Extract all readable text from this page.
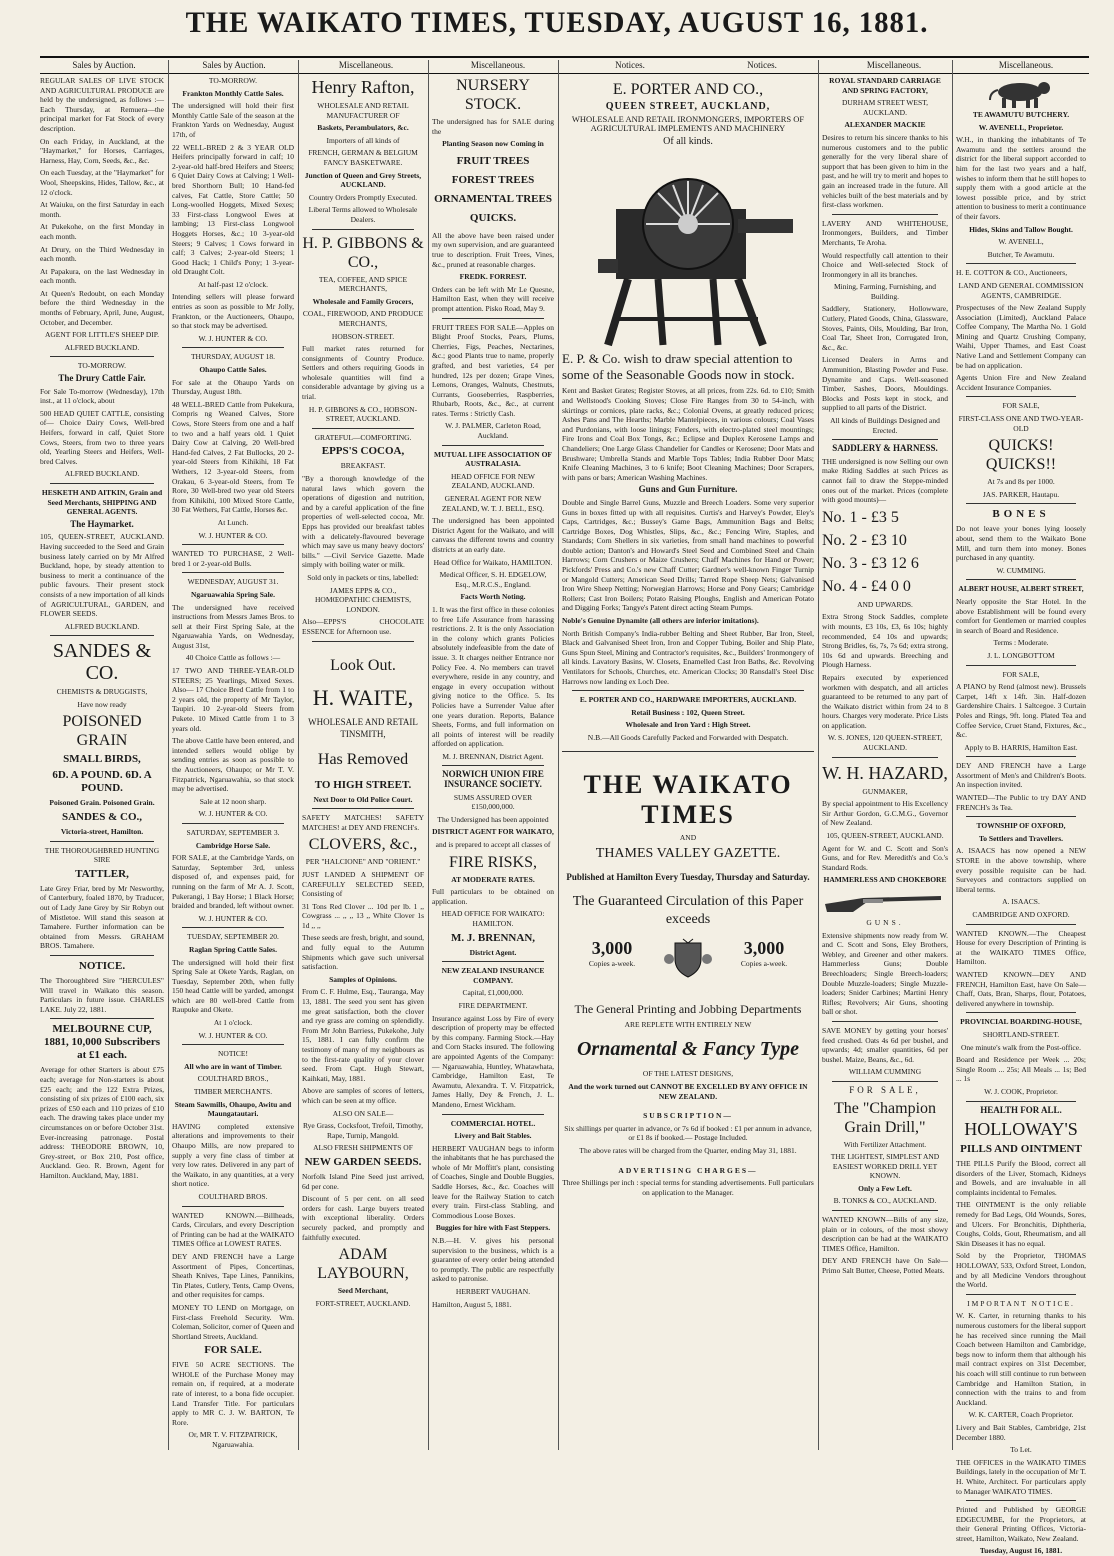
THE WAIKATO TIMES, TUESDAY, AUGUST 16, 1881.
Sales by Auction.	Sales by Auction.	Miscellaneous.	Miscellaneous.	Notices.	Notices.	Miscellaneous.	Miscellaneous.

REGULAR SALES OF LIVE STOCK AND AGRICULTURAL PRODUCE are held by the undersigned, as follows :— Each Thursday, at Remuera—the principal market for Fat Stock of every description.

On each Friday, in Auckland, at the "Haymarket," for Horses, Carriages, Harness, Hay, Corn, Seeds, &c., &c.

On each Tuesday, at the "Haymarket" for Wool, Sheepskins, Hides, Tallow, &c., at 12 o'clock.

At Waiuku, on the first Saturday in each month.

At Pukekohe, on the first Monday in each month.

At Drury, on the Third Wednesday in each month.

At Papakura, on the last Wednesday in each month.

At Queen's Redoubt, on each Monday before the third Wednesday in the months of February, April, June, August, October, and December.

AGENT FOR LITTLE'S SHEEP DIP.

ALFRED BUCKLAND.

TO-MORROW.

The Drury Cattle Fair.

For Sale To-morrow (Wednesday), 17th inst., at 11 o'clock, about

500 HEAD QUIET CATTLE, consisting of— Choice Dairy Cows, Well-bred Heifers, forward in calf, Quiet Store Cows, Steers, from two to three years old, Yearling Steers and Heifers, Well-bred Calves.

ALFRED BUCKLAND.

HESKETH AND AITKIN, Grain and Seed Merchants, SHIPPING AND GENERAL AGENTS.

The Haymarket.

105, QUEEN-STREET, AUCKLAND. Having succeeded to the Seed and Grain business lately carried on by Mr Alfred Buckland, hope, by steady attention to business to merit a continuance of the public favours. Their present stock consists of a new importation of all kinds of AGRICULTURAL, GARDEN, and FLOWER SEEDS.

ALFRED BUCKLAND.

SANDES & CO.

CHEMISTS & DRUGGISTS,

Have now ready

POISONED GRAIN

SMALL BIRDS,

6D. A POUND. 6D. A POUND.

Poisoned Grain. Poisoned Grain.

SANDES & CO.,

Victoria-street, Hamilton.

THE THOROUGHBRED HUNTING SIRE

TATTLER,

Late Grey Friar, bred by Mr Nesworthy, of Canterbury, foaled 1870, by Traducer, out of Lady Jane Grey by Sir Robyn out of Mistletoe. Will stand this season at Tamahere. Further information can be obtained from Messrs. GRAHAM BROS. Tamahere.

NOTICE.

The Thoroughbred Sire "HERCULES" Will travel in Waikato this season. Particulars in future issue. CHARLES LAKE. July 22, 1881.

MELBOURNE CUP, 1881, 10,000 Subscribers at £1 each.

Average for other Starters is about £75 each; average for Non-starters is about £25 each; and the 122 Extra Prizes, consisting of six prizes of £100 each, six prizes of £50 each and 110 prizes of £10 each. The drawing takes place under my circumstances on or before October 31st. Ever-increasing patronage. Postal address: THEODORE BROWN, 10, Grey-street, or Box 210, Post office, Auckland. Geo. R. Brown, Agent for Hamilton. Auckland, May, 1881.

TO-MORROW.

Frankton Monthly Cattle Sales.

The undersigned will hold their first Monthly Cattle Sale of the season at the Frankton Yards on Wednesday, August 17th, of

22 WELL-BRED 2 & 3 YEAR OLD Heifers principally forward in calf; 10 2-year-old half-bred Heifers and Steers; 6 Quiet Dairy Cows at Calving; 1 Well-bred Shorthorn Bull; 10 Hand-fed calves, Fat Cattle, Store Cattle; 50 Long-woolled Hoggets, Mixed Sexes; 33 First-class Longwool Ewes at lambing; 13 First-class Longwool Hoggets Horses, &c.; 10 3-year-old Steers; 9 Calves; 1 Cows forward in calf; 3 Calves; 2-year-old Steers; 1 Good Hack; 1 Child's Pony; 1 3-year-old Draught Colt.

At half-past 12 o'clock.

Intending sellers will please forward entries as soon as possible to Mr Jolly, Frankton, or the Auctioneers, Ohaupo, so that stock may be advertised.

W. J. HUNTER & CO.

THURSDAY, AUGUST 18.

Ohaupo Cattle Sales.

For sale at the Ohaupo Yards on Thursday, August 18th.

48 WELL-BRED Cattle from Pukekura, Compris ng Weaned Calves, Store Cows, Store Steers from one and a half to two and a half years old. 1 Quiet Dairy Cow at Calving, 20 Well-bred Hand-fed Calves, 2 Fat Bullocks, 20 2-year-old Steers from Kihikihi, 18 Fat Wethers, 12 3-year-old Steers, from Orakau, 6 3-year-old Steers, from Te Rore, 30 Well-bred two year old Steers from Kihikihi, 100 Mixed Store Cattle, 30 Fat Wethers, Fat Cattle, Horses &c.

At Lunch.

W. J. HUNTER & CO.

WANTED TO PURCHASE, 2 Well-bred 1 or 2-year-old Bulls.

WEDNESDAY, AUGUST 31.

Ngaruawahia Spring Sale.

The undersigned have received instructions from Messrs James Bros. to sell at their First Spring Sale, at the Ngaruawahia Yards, on Wednesday, August 31st,

40 Choice Cattle as follows :—

17 TWO AND THREE-YEAR-OLD STEERS; 25 Yearlings, Mixed Sexes. Also— 17 Choice Bred Cattle from 1 to 2 years old, the property of Mr Taylor, Taupiri. 10 2-year-old Steers from Pukete. 10 Mixed Cattle from 1 to 3 years old.

The above Cattle have been entered, and intended sellers would oblige by sending entries as soon as possible to the Auctioneers, Ohaupo; or Mr T. V. Fitzpatrick, Ngaruawahia, so that stock may be advertised.

Sale at 12 noon sharp.

W. J. HUNTER & CO.

SATURDAY, SEPTEMBER 3.

Cambridge Horse Sale.

FOR SALE, at the Cambridge Yards, on Saturday, September 3rd, unless disposed of, and expenses paid, for running on the farm of Mr A. J. Scott, Pukerangi, 1 Bay Horse; 1 Black Horse; braided and branded, left without owner.

W. J. HUNTER & CO.

TUESDAY, SEPTEMBER 20.

Raglan Spring Cattle Sales.

The undersigned will hold their first Spring Sale at Okete Yards, Raglan, on Tuesday, September 20th, when fully 150 head Cattle will be yarded, amongst which are 80 well-bred Cattle from Raupuke and Okete.

At 1 o'clock.

W. J. HUNTER & CO.

NOTICE!

All who are in want of Timber.

COULTHARD BROS.,

TIMBER MERCHANTS.

Steam Sawmills, Ohaupo, Awitu and Maungatautari.

HAVING completed extensive alterations and improvements to their Ohaupo Mills, are now prepared to supply a very fine class of timber at very low rates. Delivered in any part of the Waikato, in any quantities, at a very short notice.

COULTHARD BROS.

WANTED KNOWN.—Billheads, Cards, Circulars, and every Description of Printing can be had at the WAIKATO TIMES Office at LOWEST RATES.

DEY AND FRENCH have a Large Assortment of Pipes, Concertinas, Sheath Knives, Tape Lines, Pannikins, Tin Plates, Cutlery, Tents, Camp Ovens, and other requisites for camps.

MONEY TO LEND on Mortgage, on First-class Freehold Security. Wm. Coleman, Solicitor, corner of Queen and Shortland Streets, Auckland.

FOR SALE.

FIVE 50 ACRE SECTIONS. The WHOLE of the Purchase Money may remain on, if required, at a moderate rate of interest, to a bona fide occupier. Land Transfer Title. For particulars apply to MR C. J. W. BARTON, Te Rore.

Or, MR T. V. FITZPATRICK, Ngaruawahia.

Henry Rafton,

WHOLESALE AND RETAIL MANUFACTURER OF

Baskets, Perambulators, &c.

Importers of all kinds of

FRENCH, GERMAN & BELGIUM FANCY BASKETWARE.

Junction of Queen and Grey Streets, AUCKLAND.

Country Orders Promptly Executed.

Liberal Terms allowed to Wholesale Dealers.

H. P. GIBBONS & CO.,

TEA, COFFEE, AND SPICE MERCHANTS,

Wholesale and Family Grocers,

COAL, FIREWOOD, AND PRODUCE MERCHANTS,

HOBSON-STREET.

Full market rates returned for consignments of Country Produce. Settlers and others requiring Goods in wholesale quantities will find a considerable advantage by giving us a trial.

H. P. GIBBONS & CO., HOBSON-STREET, AUCKLAND.

GRATEFUL—COMFORTING.

EPPS'S COCOA,

BREAKFAST.

"By a thorough knowledge of the natural laws which govern the operations of digestion and nutrition, and by a careful application of the fine properties of well-selected cocoa, Mr. Epps has provided our breakfast tables with a delicately-flavoured beverage which may save us many heavy doctors' bills." —Civil Service Gazette. Made simply with boiling water or milk.

Sold only in packets or tins, labelled:

JAMES EPPS & CO., HOMŒOPATHIC CHEMISTS, LONDON.

Also—EPPS'S CHOCOLATE ESSENCE for Afternoon use.

Look Out.

H. WAITE,

WHOLESALE AND RETAIL TINSMITH,

Has Removed

TO HIGH STREET.

Next Door to Old Police Court.

SAFETY MATCHES! SAFETY MATCHES! at DEY AND FRENCH's.

CLOVERS, &c.,

PER "HALCIONE" AND "ORIENT."

JUST LANDED A SHIPMENT OF CAREFULLY SELECTED SEED, Consisting of

31 Tons Red Clover ... 10d per lb. 1 ,, Cowgrass ... ,, ,, 13 ,, White Clover 1s 1d ,, ,,

These seeds are fresh, bright, and sound, and fully equal to the Autumn Shipments which gave such universal satisfaction.

Samples of Opinions.

From C. F. Hulme, Esq., Tauranga, May 13, 1881. The seed you sent has given me great satisfaction, both the clover and rye grass are coming on splendidly. From Mr John Barriess, Pukekohe, July 15, 1881. I can fully confirm the testimony of many of my neighbours as to the first-rate quality of your clover seed. From Capt. Hugh Stewart, Kaihkati, May, 1881.

Above are samples of scores of letters, which can be seen at my office.

ALSO ON SALE—

Rye Grass, Cocksfoot, Trefoil, Timothy, Rape, Turnip, Mangold.

ALSO FRESH SHIPMENTS OF

NEW GARDEN SEEDS.

Norfolk Island Pine Seed just arrived, 6d per cone.

Discount of 5 per cent. on all seed orders for cash. Large buyers treated with exceptional liberality. Orders securely packed, and promptly and faithfully executed.

ADAM LAYBOURN,

Seed Merchant,

FORT-STREET, AUCKLAND.

NURSERY STOCK.

The undersigned has for SALE during the

Planting Season now Coming in

FRUIT TREES

FOREST TREES

ORNAMENTAL TREES

QUICKS.

All the above have been raised under my own supervision, and are guaranteed true to description. Fruit Trees, Vines, &c., pruned at reasonable charges.

FREDK. FORREST.

Orders can be left with Mr Le Quesne, Hamilton East, when they will receive prompt attention. Pisko Road, May 9.

FRUIT TREES FOR SALE—Apples on Blight Proof Stocks, Pears, Plums, Cherries, Figs, Peaches, Nectarines, &c.; good Plants true to name, properly grafted, and best varieties, £4 per hundred, 12s per dozen; Grape Vines, Lemons, Oranges, Walnuts, Chestnuts, Currants, Gooseberries, Raspberries, Rhubarb, Roots, &c., &c., at current rates. Terms : Strictly Cash.

W. J. PALMER, Carleton Road, Auckland.

MUTUAL LIFE ASSOCIATION OF AUSTRALASIA.

HEAD OFFICE FOR NEW ZEALAND, AUCKLAND.

GENERAL AGENT FOR NEW ZEALAND, W. T. J. BELL, ESQ.

The undersigned has been appointed District Agent for the Waikato, and will canvass the different towns and country districts at an early date.

Head Office for Waikato, HAMILTON.

Medical Officer, S. H. EDGELOW, Esq., M.R.C.S., England.

Facts Worth Noting.

1. It was the first office in these colonies to free Life Assurance from harassing restrictions. 2. It is the only Association in the colony which grants Policies absolutely indefeasible from the date of issue. 3. It charges neither Entrance nor Policy Fee. 4. No members can travel everywhere, reside in any country, and engage in every occupation without giving notice to the Office. 5. Its Policies have a Surrender Value after one years duration. Reports, Balance Sheets, Forms, and full information on all points of interest will be readily afforded on application.

M. J. BRENNAN, District Agent.

NORWICH UNION FIRE INSURANCE SOCIETY.

SUMS ASSURED OVER £150,000,000.

The Undersigned has been appointed

DISTRICT AGENT FOR WAIKATO,

and is prepared to accept all classes of

FIRE RISKS,

AT MODERATE RATES.

Full particulars to be obtained on application.

HEAD OFFICE FOR WAIKATO: HAMILTON.

M. J. BRENNAN,

District Agent.

NEW ZEALAND INSURANCE COMPANY.

Capital, £1,000,000.

FIRE DEPARTMENT.

Insurance against Loss by Fire of every description of property may be effected by this company. Farming Stock.—Hay and Corn Stacks insured. The following are appointed Agents of the Company:— Ngaruawahia, Huntley, Whatawhata, Cambridge, Hamilton East, Te Awamutu, Alexandra. T. V. Fitzpatrick, James Hally, Dey & French, J. L. Mandeno, Ernest Wickham.

COMMERCIAL HOTEL.

Livery and Bait Stables.

HERBERT VAUGHAN begs to inform the inhabitants that he has purchased the whole of Mr Moffitt's plant, consisting of Coaches, Single and Double Buggies, Saddle Horses, &c., &c. Coaches will leave for the Railway Station to catch every train. First-class Stabling, and Commodious Loose Boxes.

Buggies for hire with Fast Steppers.

N.B.—H. V. gives his personal supervision to the business, which is a guarantee of every order being attended to promptly. The public are respectfully asked to patronise.

HERBERT VAUGHAN.

Hamilton, August 5, 1881.

E. PORTER AND CO.,

QUEEN STREET, AUCKLAND,

WHOLESALE AND RETAIL IRONMONGERS, IMPORTERS OF AGRICULTURAL IMPLEMENTS AND MACHINERY

Of all kinds.

E. P. & Co. wish to draw special attention to some of the Seasonable Goods now in stock.

Kent and Basket Grates; Register Stoves, at all prices, from 22s. 6d. to £10; Smith and Wellstood's Cooking Stoves; Close Fire Ranges from 30 to 54-inch, with skirtings or cornices, plate racks, &c.; Colonial Ovens, at greatly reduced prices; Ashes Pans and The Hearths; Marble Mantelpieces, in various colours; Coal Vases and Purdonians, with loose linings; Fenders, with electro-plated steel mountings; Fire Irons and Coal Box Tongs, &c.; Eclipse and Duplex Kerosene Lamps and Chandeliers; One Large Glass Chandelier for Candles or Kerosene; Door Mats and Brushware; Umbrella Stands and Marble Tops Tables; India Rubber Door Mats; Knife Cleaning Machines, 3 to 6 knife; Boot Cleaning Machines; Door Scrapers, with pans or bars; American Washing Machines.

Guns and Gun Furniture.

Double and Single Barrel Guns, Muzzle and Breech Loaders. Some very superior Guns in boxes fitted up with all requisites. Curtis's and Harvey's Powder, Eley's Caps, Cartridges, &c.; Bussey's Game Bags, Ammunition Bags and Belts; Cartridge Boxes, Dog Whistles, Slips, &c., &c.; Fencing Wire, Staples, and Standards; Corn Shellers in six varieties, from small hand machines to powerful double action; Danton's and Howard's Steel Seed and Combined Steel and Chain Harrows; Corn Crushers or Maize Crushers; Chaff Machines for Hand or Power; Pickfords' Press and Co.'s new Chaff Cutter; Gardner's well-known Finger Turnip or Mangold Cutters; American Seed Drills; Tarred Rope Sheep Nets; Galvanised Iron Wire Sheep Netting; Norwegian Harrows; Horse and Pony Gears; Cambridge Rollers; Cast Iron Boilers; Potato Raising Ploughs, English and American Potato and Digging Forks; Tangye's Patent direct acting Steam Pumps.

Noble's Genuine Dynamite (all others are inferior imitations).

North British Company's India-rubber Belting and Sheet Rubber, Bar Iron, Steel, Black and Galvanised Sheet Iron, Iron and Copper Tubing, Boiler and Ship Plate, Guns Spun Steel, Mining and Contractor's requisites, &c., Builders' Ironmongery of all kinds. Lavatory Basins, W. Closets, Enamelled Cast Iron Baths, &c. Revolving Ventilators for Schools, Churches, etc. American Clocks; 30 Ransdall's Steel Disc Harrows now landing ex Loch Dee.

E. PORTER AND CO., HARDWARE IMPORTERS, AUCKLAND.

Retail Business : 102, Queen Street.

Wholesale and Iron Yard : High Street.

N.B.—All Goods Carefully Packed and Forwarded with Despatch.

THE WAIKATO TIMES

AND

THAMES VALLEY GAZETTE.

Published at Hamilton Every Tuesday, Thursday and Saturday.

The Guaranteed Circulation of this Paper exceeds

3,000
Copies a-week.
3,000
Copies a-week.

The General Printing and Jobbing Departments

ARE REPLETE WITH ENTIRELY NEW

Ornamental & Fancy Type

OF THE LATEST DESIGNS,

And the work turned out CANNOT BE EXCELLED BY ANY OFFICE IN NEW ZEALAND.

SUBSCRIPTION—

Six shillings per quarter in advance, or 7s 6d if booked : £1 per annum in advance, or £1 8s if booked.— Postage Included.

The above rates will be charged from the Quarter, ending May 31, 1881.

ADVERTISING CHARGES—

Three Shillings per inch : special terms for standing advertisements. Full particulars on application to the Manager.

ROYAL STANDARD CARRIAGE AND SPRING FACTORY,

DURHAM STREET WEST, AUCKLAND.

ALEXANDER MACKIE

Desires to return his sincere thanks to his numerous customers and to the public generally for the very liberal share of support that has been given to him in the past, and he will try to merit and hopes to gain an increased trade in the future. All vehicles built of the best materials and by first-class workmen.

LAVERY AND WHITEHOUSE, Ironmongers, Builders, and Timber Merchants, Te Aroha.

Would respectfully call attention to their Choice and Well-selected Stock of Ironmongery in all its branches.

Mining, Farming, Furnishing, and Building.

Saddlery, Stationery, Hollowware, Cutlery, Plated Goods, China, Glassware, Stoves, Paints, Oils, Moulding, Bar Iron, Coal Tar, Sheet Iron, Corrugated Iron, &c., &c.

Licensed Dealers in Arms and Ammunition, Blasting Powder and Fuse. Dynamite and Caps. Well-seasoned Timber, Sashes, Doors, Mouldings. Blocks and Posts kept in stock, and supplied to all parts of the District.

All kinds of Buildings Designed and Erected.

SADDLERY & HARNESS.

THE undersigned is now Selling our own make Riding Saddles at such Prices as cannot fail to draw the Steppe-minded ones out of the market. Prices (complete with good mounts)—

No. 1 - £3 5

No. 2 - £3 10

No. 3 - £3 12 6

No. 4 - £4 0 0

AND UPWARDS.

Extra Strong Stock Saddles, complete with mounts, £3 10s, £3, 6s 10s; highly recommended, £4 10s and upwards; Strong Bridles, 6s, 7s, 7s 6d; extra strong, 10s 6d and upwards. Breeching and Plough Harness.

Repairs executed by experienced workmen with despatch, and all articles guaranteed to be returned to any part of the Waikato district within from 24 to 8 hours. Charges very moderate. Price Lists on application.

W. S. JONES, 120 QUEEN-STREET, AUCKLAND.

W. H. HAZARD,

GUNMAKER,

By special appointment to His Excellency Sir Arthur Gordon, G.C.M.G., Governor of New Zealand.

105, QUEEN-STREET, AUCKLAND.

Agent for W. and C. Scott and Son's Guns, and for Rev. Meredith's and Co.'s Standard Rods.

HAMMERLESS AND CHOKEBORE

GUNS.

Extensive shipments now ready from W. and C. Scott and Sons, Eley Brothers, Webley, and Greener and other makers. Hammerless Guns; Double Breechloaders; Single Breech-loaders; Double Muzzle-loaders; Single Muzzle-loaders; Snider Carbines; Martini Henry Rifles; Revolvers; Air Guns, shooting ball or shot.

SAVE MONEY by getting your horses' feed crushed. Oats 4s 6d per bushel, and upwards; 4d; smaller quantities, 6d per bushel. Maize, Beans, &c., 6d.

WILLIAM CUMMING

FOR SALE,

The "Champion Grain Drill,"

With Fertilizer Attachment.

THE LIGHTEST, SIMPLEST AND EASIEST WORKED DRILL YET KNOWN.

Only a Few Left.

B. TONKS & CO., AUCKLAND.

WANTED KNOWN—Bills of any size, plain or in colours, of the most showy description can be had at the WAIKATO TIMES Office, Hamilton.

DEY AND FRENCH have On Sale—Primo Salt Butter, Cheese, Potted Meats.

TE AWAMUTU BUTCHERY.

W. AVENELL, Proprietor.

W.H., in thanking the inhabitants of Te Awamutu and the settlers around the district for the liberal support accorded to him for the last two years and a half, wishes to inform them that he still hopes to supply them with a good article at the lowest possible price, and by strict attention to business to merit a continuance of their favors.

Hides, Skins and Tallow Bought.

W. AVENELL,

Butcher, Te Awamutu.

H. E. COTTON & CO., Auctioneers,

LAND AND GENERAL COMMISSION AGENTS, CAMBRIDGE.

Prospectuses of the New Zealand Supply Association (Limited), Auckland Palace Coffee Company, The Martha No. 1 Gold Mining and Quartz Crushing Company, Waihi, Upper Thames, and East Coast Native Land and Settlement Company can be had on application.

Agents Union Fire and New Zealand Accident Insurance Companies.

FOR SALE,

FIRST-CLASS ONE AND TWO-YEAR-OLD

QUICKS! QUICKS!!

At 7s and 8s per 1000.

JAS. PARKER, Hautapu.

BONES

Do not leave your bones lying loosely about, send them to the Waikato Bone Mill, and turn them into money. Bones purchased in any quantity.

W. CUMMING.

ALBERT HOUSE, ALBERT STREET,

Nearly opposite the Star Hotel. In the above Establishment will be found every comfort for Gentlemen or married couples in search of Board and Residence.

Terms : Moderate.

J. L. LONGBOTTOM

FOR SALE,

A PIANO by Rend (almost new). Brussels Carpet, 14ft x 14ft. 3in. Half-dozen Gardenshire Chairs. 1 Saltcegoe. 3 Curtain Poles and Rings, 9ft. long. Plated Tea and Coffee Service, Cruet Stand, Fixtures, &c., &c.

Apply to B. HARRIS, Hamilton East.

DEY AND FRENCH have a Large Assortment of Men's and Children's Boots. An inspection invited.

WANTED—The Public to try DAY AND FRENCH's 3s Tea.

TOWNSHIP OF OXFORD,

To Settlers and Travellers.

A. ISAACS has now opened a NEW STORE in the above township, where every possible requisite can be had. Surveyors and contractors supplied on liberal terms.

A. ISAACS.

CAMBRIDGE AND OXFORD.

WANTED KNOWN.—The Cheapest House for every Description of Printing is at the WAIKATO TIMES Office, Hamilton.

WANTED KNOWN—DEY AND FRENCH, Hamilton East, have On Sale—Chaff, Oats, Bran, Sharps, flour, Potatoes, delivered anywhere in township.

PROVINCIAL BOARDING-HOUSE,

SHORTLAND-STREET.

One minute's walk from the Post-office.

Board and Residence per Week ... 20s; Single Room ... 25s; All Meals ... 1s; Bed ... 1s

W. J. COOK, Proprietor.

HEALTH FOR ALL.

HOLLOWAY'S

PILLS AND OINTMENT

THE PILLS Purify the Blood, correct all disorders of the Liver, Stomach, Kidneys and Bowels, and are invaluable in all complaints incidental to Females.

THE OINTMENT is the only reliable remedy for Bad Legs, Old Wounds, Sores, and Ulcers. For Bronchitis, Diphtheria, Coughs, Colds, Gout, Rheumatism, and all Skin Diseases it has no equal.

Sold by the Proprietor, THOMAS HOLLOWAY, 533, Oxford Street, London, and by all Medicine Vendors throughout the World.

IMPORTANT NOTICE.

W. K. Carter, in returning thanks to his numerous customers for the liberal support he has received since running the Mail Coach between Hamilton and Cambridge, begs now to inform them that although his mail contract expires on 31st December, his coach will still continue to run between Cambridge and Hamilton Station, in connection with the trains to and from Auckland.

W. K. CARTER, Coach Proprietor.

Livery and Bait Stables, Cambridge, 21st December 1880.

To Let.

THE OFFICES in the WAIKATO TIMES Buildings, lately in the occupation of Mr T. H. White, Architect. For particulars apply to Manager WAIKATO TIMES.

Printed and Published by GEORGE EDGECUMBE, for the Proprietors, at their General Printing Offices, Victoria-street, Hamilton, Waikato, New Zealand.

Tuesday, August 16, 1881.
